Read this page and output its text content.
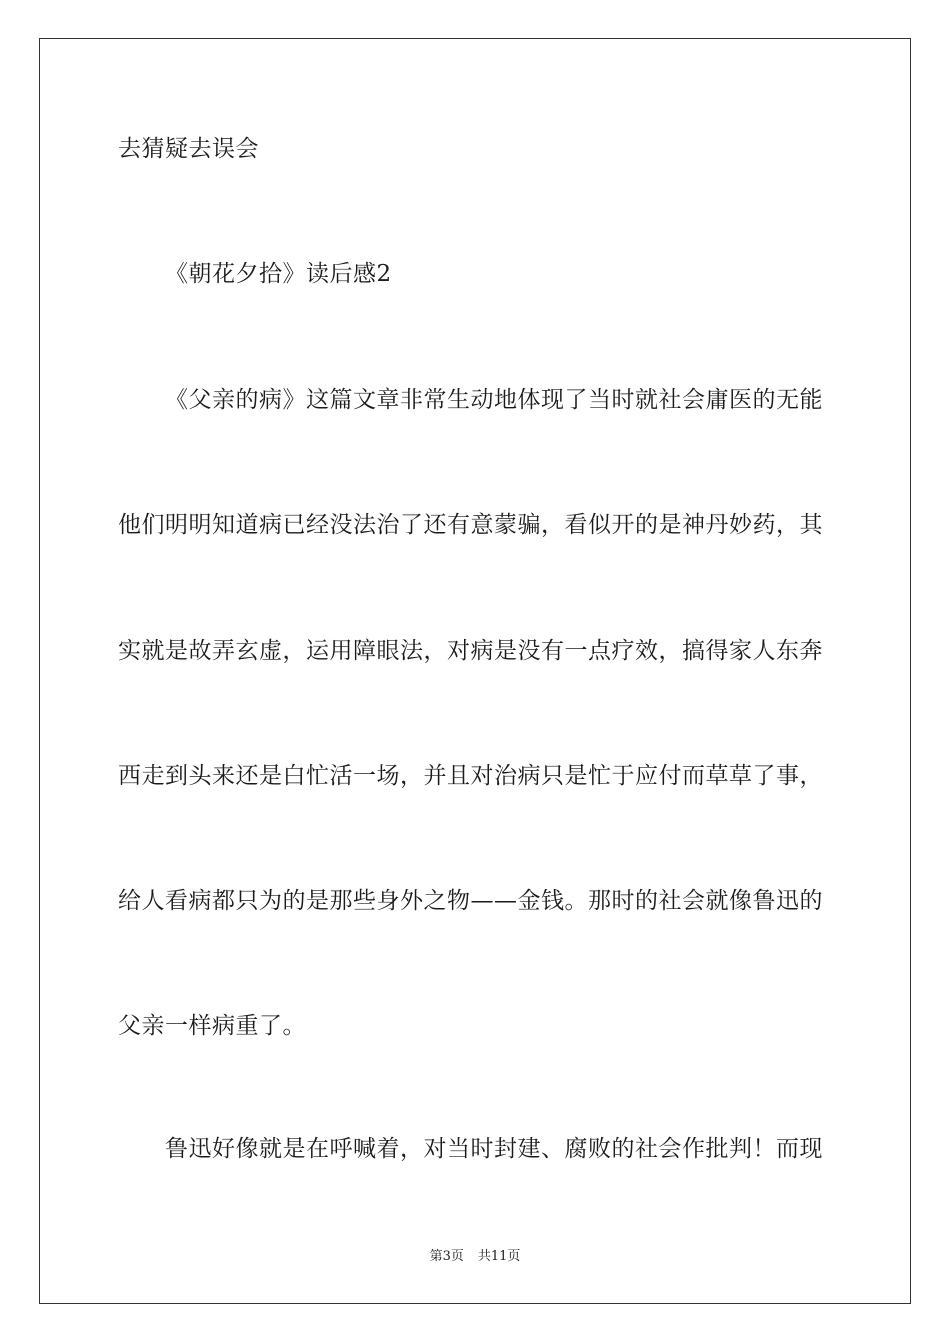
去猜疑去误会
《朝花夕拾》读后感2
《父亲的病》这篇文章非常生动地体现了当时就社会庸医的无能
他们明明知道病已经没法治了还有意蒙骗，看似开的是神丹妙药，其
实就是故弄玄虚，运用障眼法，对病是没有一点疗效，搞得家人东奔
西走到头来还是白忙活一场，并且对治病只是忙于应付而草草了事，
给人看病都只为的是那些身外之物——金钱。那时的社会就像鲁迅的
父亲一样病重了。
鲁迅好像就是在呼喊着，对当时封建、腐败的社会作批判！而现
第3页 共11页
